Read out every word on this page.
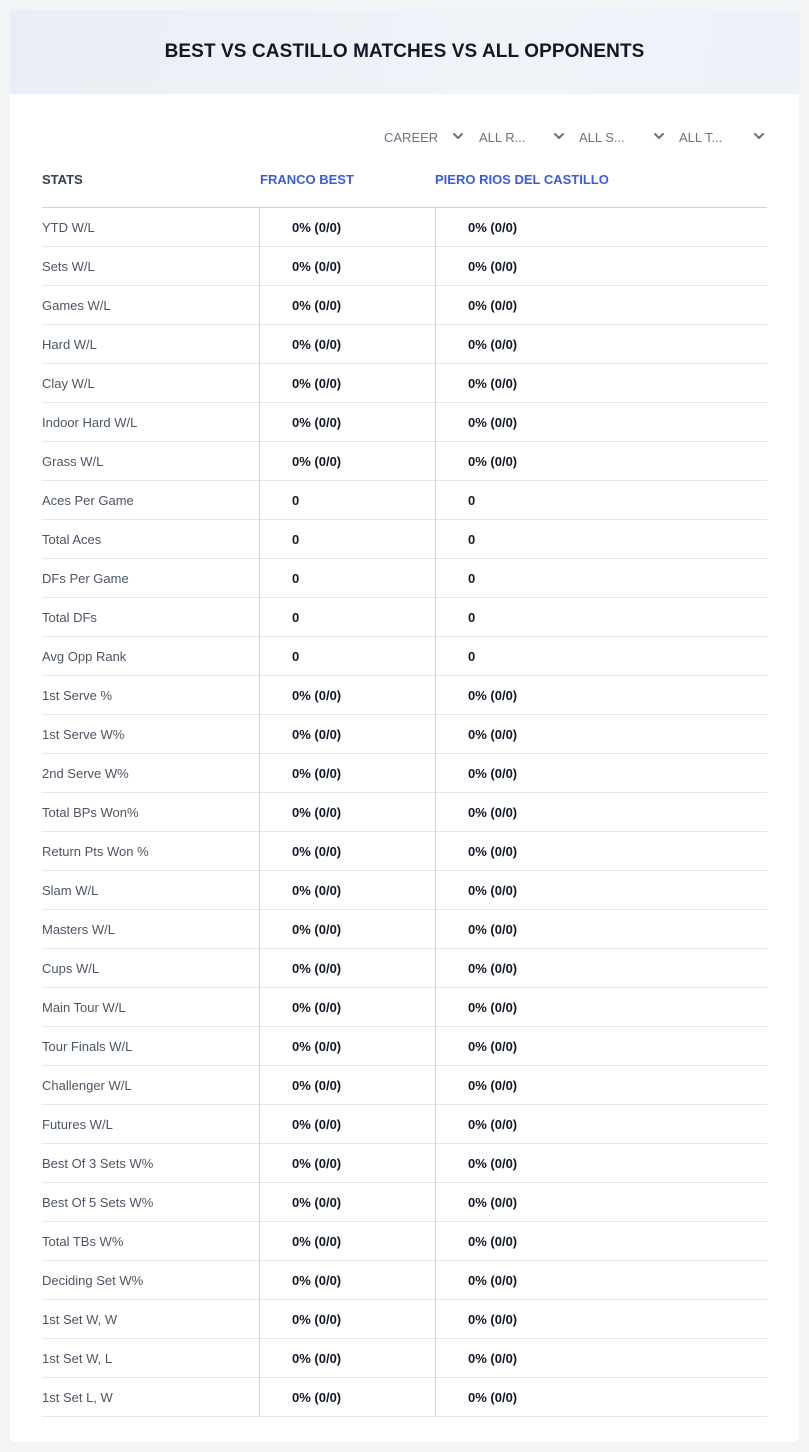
BEST VS CASTILLO MATCHES VS ALL OPPONENTS
CAREER	ALL R...	ALL S...	ALL T...
STATS	FRANCO BEST	PIERO RIOS DEL CASTILLO
YTD W/L	0% (0/0)	0% (0/0)
Sets W/L	0% (0/0)	0% (0/0)
Games W/L	0% (0/0)	0% (0/0)
Hard W/L	0% (0/0)	0% (0/0)
Clay W/L	0% (0/0)	0% (0/0)
Indoor Hard W/L	0% (0/0)	0% (0/0)
Grass W/L	0% (0/0)	0% (0/0)
Aces Per Game	0	0
Total Aces	0	0
DFs Per Game	0	0
Total DFs	0	0
Avg Opp Rank	0	0
1st Serve %	0% (0/0)	0% (0/0)
1st Serve W%	0% (0/0)	0% (0/0)
2nd Serve W%	0% (0/0)	0% (0/0)
Total BPs Won%	0% (0/0)	0% (0/0)
Return Pts Won %	0% (0/0)	0% (0/0)
Slam W/L	0% (0/0)	0% (0/0)
Masters W/L	0% (0/0)	0% (0/0)
Cups W/L	0% (0/0)	0% (0/0)
Main Tour W/L	0% (0/0)	0% (0/0)
Tour Finals W/L	0% (0/0)	0% (0/0)
Challenger W/L	0% (0/0)	0% (0/0)
Futures W/L	0% (0/0)	0% (0/0)
Best Of 3 Sets W%	0% (0/0)	0% (0/0)
Best Of 5 Sets W%	0% (0/0)	0% (0/0)
Total TBs W%	0% (0/0)	0% (0/0)
Deciding Set W%	0% (0/0)	0% (0/0)
1st Set W, W	0% (0/0)	0% (0/0)
1st Set W, L	0% (0/0)	0% (0/0)
1st Set L, W	0% (0/0)	0% (0/0)
